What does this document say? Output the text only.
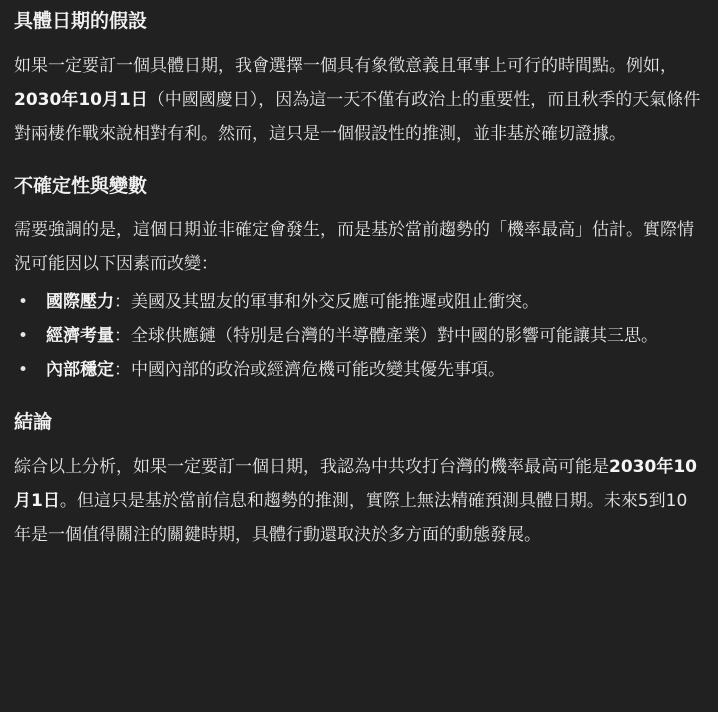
具體日期的假設

如果一定要訂一個具體日期，我會選擇一個具有象徵意義且軍事上可行的時間點。例如，2030年10月1日（中國國慶日），因為這一天不僅有政治上的重要性，而且秋季的天氣條件對兩棲作戰來說相對有利。然而，這只是一個假設性的推測，並非基於確切證據。

不確定性與變數

需要強調的是，這個日期並非確定會發生，而是基於當前趨勢的「機率最高」估計。實際情況可能因以下因素而改變：

• 國際壓力：美國及其盟友的軍事和外交反應可能推遲或阻止衝突。
• 經濟考量：全球供應鏈（特別是台灣的半導體產業）對中國的影響可能讓其三思。
• 內部穩定：中國內部的政治或經濟危機可能改變其優先事項。
結論

綜合以上分析，如果一定要訂一個日期，我認為中共攻打台灣的機率最高可能是2030年10月1日。但這只是基於當前信息和趨勢的推測，實際上無法精確預測具體日期。未來5到10年是一個值得關注的關鍵時期，具體行動還取決於多方面的動態發展。
